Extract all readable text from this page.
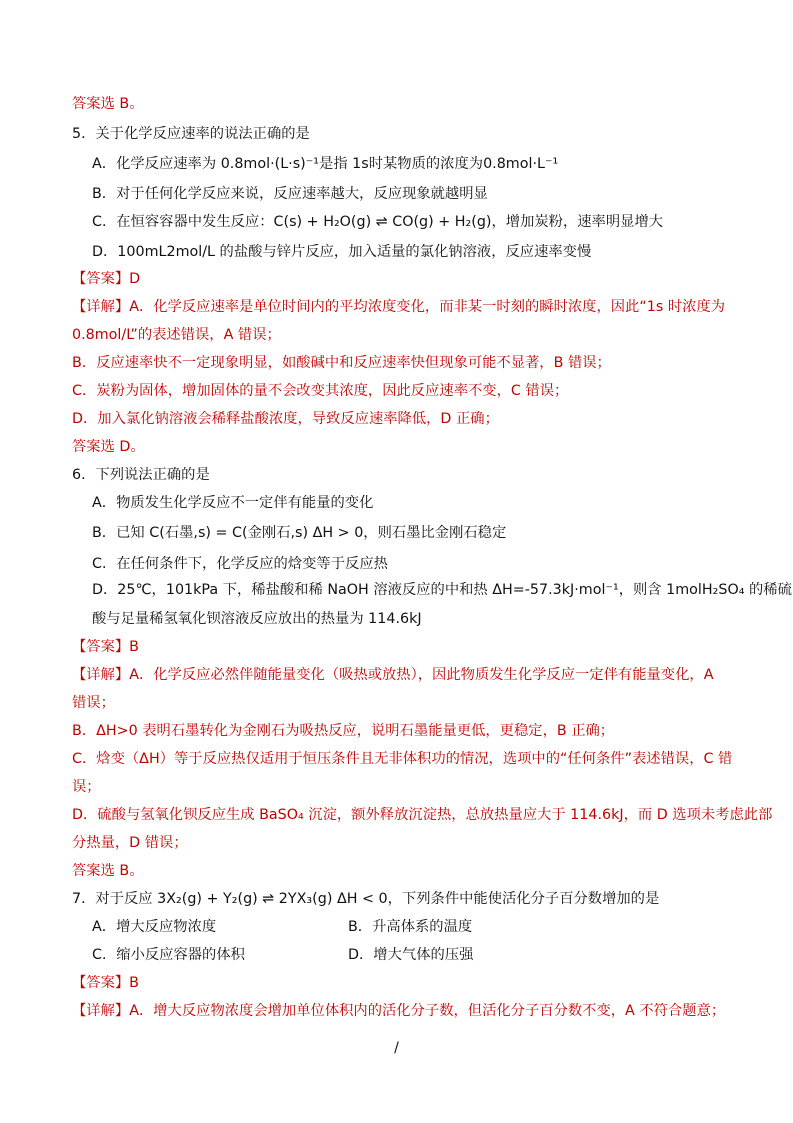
答案选 B。
5．关于化学反应速率的说法正确的是
A．化学反应速率为 0.8mol·(L·s)⁻¹是指 1s时某物质的浓度为0.8mol·L⁻¹
B．对于任何化学反应来说，反应速率越大，反应现象就越明显
C．在恒容容器中发生反应：C(s) + H₂O(g) ⇌ CO(g) + H₂(g)，增加炭粉，速率明显增大
D．100mL2mol/L 的盐酸与锌片反应，加入适量的氯化钠溶液，反应速率变慢
【答案】D
【详解】A．化学反应速率是单位时间内的平均浓度变化，而非某一时刻的瞬时浓度，因此“1s 时浓度为
0.8mol/L”的表述错误，A 错误；
B．反应速率快不一定现象明显，如酸碱中和反应速率快但现象可能不显著，B 错误；
C．炭粉为固体，增加固体的量不会改变其浓度，因此反应速率不变，C 错误；
D．加入氯化钠溶液会稀释盐酸浓度，导致反应速率降低，D 正确；
答案选 D。
6．下列说法正确的是
A．物质发生化学反应不一定伴有能量的变化
B．已知 C(石墨,s) = C(金刚石,s) ΔH > 0，则石墨比金刚石稳定
C．在任何条件下，化学反应的焓变等于反应热
D．25℃，101kPa 下，稀盐酸和稀 NaOH 溶液反应的中和热 ΔH=-57.3kJ·mol⁻¹，则含 1molH₂SO₄ 的稀硫
酸与足量稀氢氧化钡溶液反应放出的热量为 114.6kJ
【答案】B
【详解】A．化学反应必然伴随能量变化（吸热或放热），因此物质发生化学反应一定伴有能量变化，A
错误；
B．ΔH>0 表明石墨转化为金刚石为吸热反应，说明石墨能量更低，更稳定，B 正确；
C．焓变（ΔH）等于反应热仅适用于恒压条件且无非体积功的情况，选项中的“任何条件”表述错误，C 错
误；
D．硫酸与氢氧化钡反应生成 BaSO₄ 沉淀，额外释放沉淀热，总放热量应大于 114.6kJ，而 D 选项未考虑此部
分热量，D 错误；
答案选 B。
7．对于反应 3X₂(g) + Y₂(g) ⇌ 2YX₃(g) ΔH < 0，下列条件中能使活化分子百分数增加的是
A．增大反应物浓度	B．升高体系的温度
C．缩小反应容器的体积	D．增大气体的压强
【答案】B
【详解】A．增大反应物浓度会增加单位体积内的活化分子数，但活化分子百分数不变，A 不符合题意；
/
